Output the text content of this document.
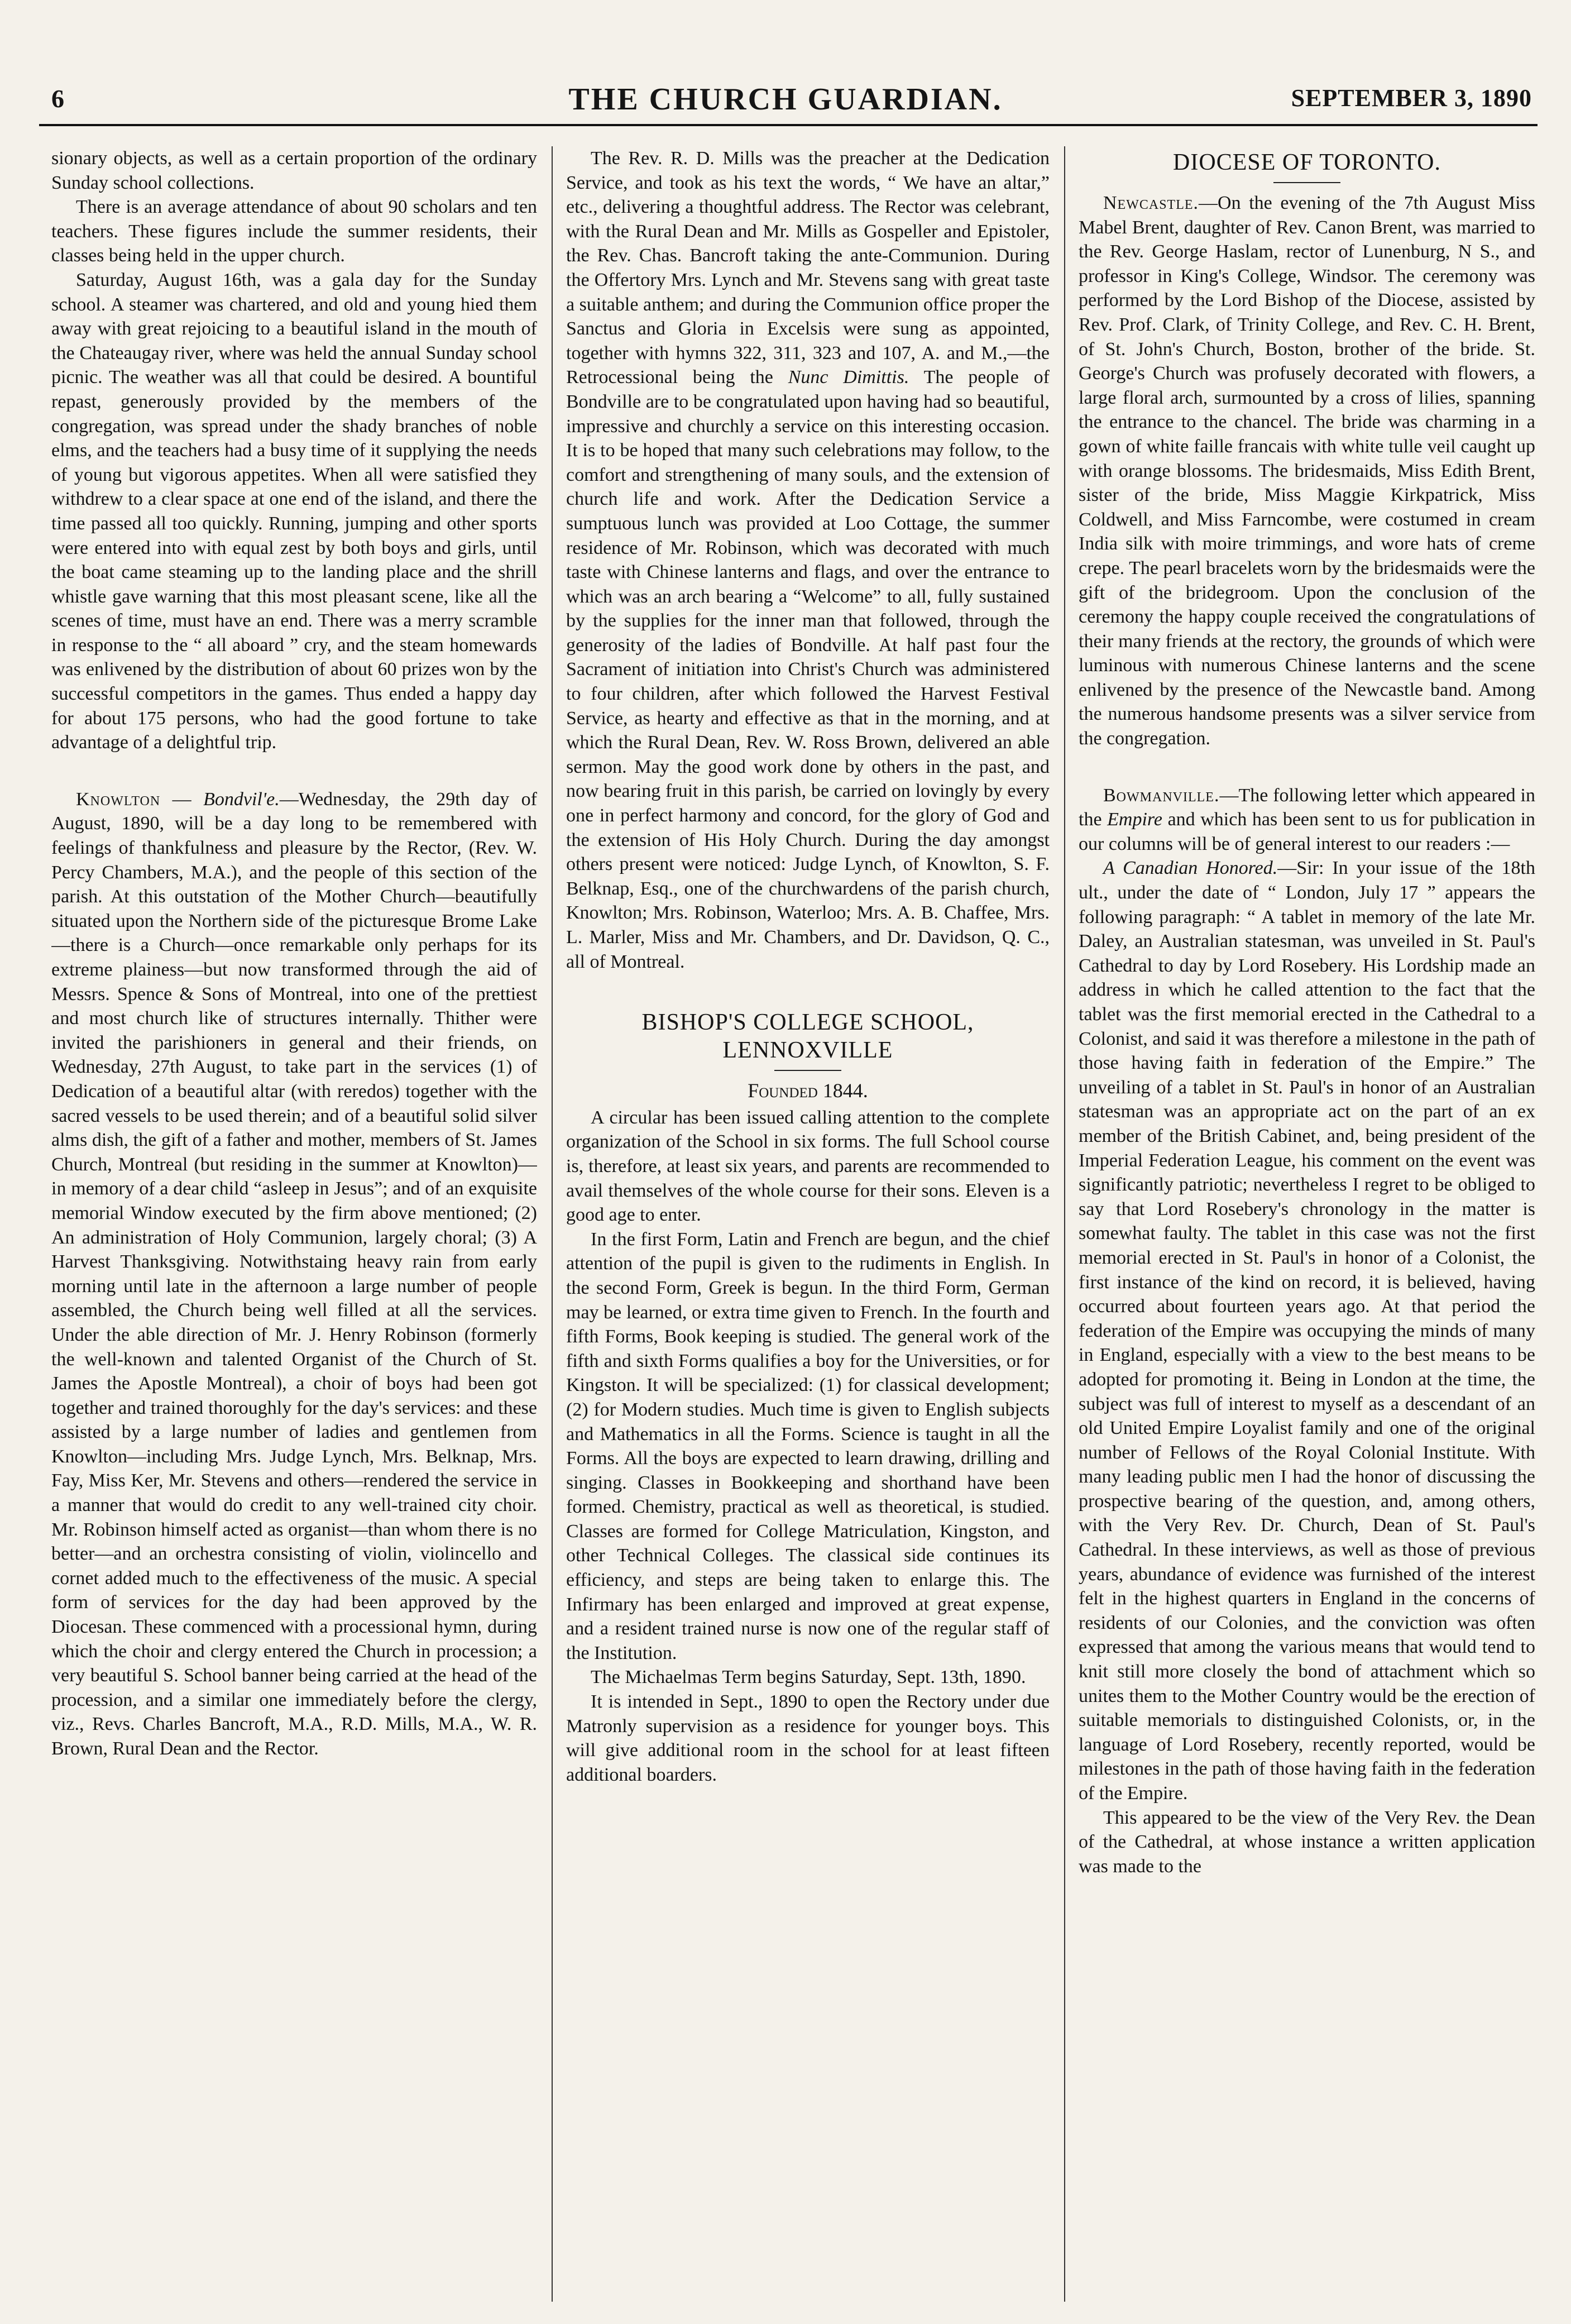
6	THE CHURCH GUARDIAN.	SEPTEMBER 3, 1890

sionary objects, as well as a certain proportion of the ordinary Sunday school collections.

There is an average attendance of about 90 scholars and ten teachers. These figures include the summer residents, their classes being held in the upper church.

Saturday, August 16th, was a gala day for the Sunday school. A steamer was chartered, and old and young hied them away with great rejoicing to a beautiful island in the mouth of the Chateaugay river, where was held the annual Sunday school picnic. The weather was all that could be desired. A bountiful repast, generously provided by the members of the congregation, was spread under the shady branches of noble elms, and the teachers had a busy time of it supplying the needs of young but vigorous appetites. When all were satisfied they withdrew to a clear space at one end of the island, and there the time passed all too quickly. Running, jumping and other sports were entered into with equal zest by both boys and girls, until the boat came steaming up to the landing place and the shrill whistle gave warning that this most pleasant scene, like all the scenes of time, must have an end. There was a merry scramble in response to the “ all aboard ” cry, and the steam homewards was enlivened by the distribution of about 60 prizes won by the successful competitors in the games. Thus ended a happy day for about 175 persons, who had the good fortune to take advantage of a delightful trip.

Knowlton — Bondvil'e.—Wednesday, the 29th day of August, 1890, will be a day long to be remembered with feelings of thankfulness and pleasure by the Rector, (Rev. W. Percy Chambers, M.A.), and the people of this section of the parish. At this outstation of the Mother Church—beautifully situated upon the Northern side of the picturesque Brome Lake—there is a Church—once remarkable only perhaps for its extreme plainess—but now transformed through the aid of Messrs. Spence & Sons of Montreal, into one of the prettiest and most church like of structures internally. Thither were invited the parishioners in general and their friends, on Wednesday, 27th August, to take part in the services (1) of Dedication of a beautiful altar (with reredos) together with the sacred vessels to be used therein; and of a beautiful solid silver alms dish, the gift of a father and mother, members of St. James Church, Montreal (but residing in the summer at Knowlton)—in memory of a dear child “asleep in Jesus”; and of an exquisite memorial Window executed by the firm above mentioned; (2) An administration of Holy Communion, largely choral; (3) A Harvest Thanksgiving. Notwithstaing heavy rain from early morning until late in the afternoon a large number of people assembled, the Church being well filled at all the services. Under the able direction of Mr. J. Henry Robinson (formerly the well-known and talented Organist of the Church of St. James the Apostle Montreal), a choir of boys had been got together and trained thoroughly for the day's services: and these assisted by a large number of ladies and gentlemen from Knowlton—including Mrs. Judge Lynch, Mrs. Belknap, Mrs. Fay, Miss Ker, Mr. Stevens and others—rendered the service in a manner that would do credit to any well-trained city choir. Mr. Robinson himself acted as organist—than whom there is no better—and an orchestra consisting of violin, violincello and cornet added much to the effectiveness of the music. A special form of services for the day had been approved by the Diocesan. These commenced with a processional hymn, during which the choir and clergy entered the Church in procession; a very beautiful S. School banner being carried at the head of the procession, and a similar one immediately before the clergy, viz., Revs. Charles Bancroft, M.A., R.D. Mills, M.A., W. R. Brown, Rural Dean and the Rector.

The Rev. R. D. Mills was the preacher at the Dedication Service, and took as his text the words, “ We have an altar,” etc., delivering a thoughtful address. The Rector was celebrant, with the Rural Dean and Mr. Mills as Gospeller and Epistoler, the Rev. Chas. Bancroft taking the ante-Communion. During the Offertory Mrs. Lynch and Mr. Stevens sang with great taste a suitable anthem; and during the Communion office proper the Sanctus and Gloria in Excelsis were sung as appointed, together with hymns 322, 311, 323 and 107, A. and M.,—the Retrocessional being the Nunc Dimittis. The people of Bondville are to be congratulated upon having had so beautiful, impressive and churchly a service on this interesting occasion. It is to be hoped that many such celebrations may follow, to the comfort and strengthening of many souls, and the extension of church life and work. After the Dedication Service a sumptuous lunch was provided at Loo Cottage, the summer residence of Mr. Robinson, which was decorated with much taste with Chinese lanterns and flags, and over the entrance to which was an arch bearing a “Welcome” to all, fully sustained by the supplies for the inner man that followed, through the generosity of the ladies of Bondville. At half past four the Sacrament of initiation into Christ's Church was administered to four children, after which followed the Harvest Festival Service, as hearty and effective as that in the morning, and at which the Rural Dean, Rev. W. Ross Brown, delivered an able sermon. May the good work done by others in the past, and now bearing fruit in this parish, be carried on lovingly by every one in perfect harmony and concord, for the glory of God and the extension of His Holy Church. During the day amongst others present were noticed: Judge Lynch, of Knowlton, S. F. Belknap, Esq., one of the churchwardens of the parish church, Knowlton; Mrs. Robinson, Waterloo; Mrs. A. B. Chaffee, Mrs. L. Marler, Miss and Mr. Chambers, and Dr. Davidson, Q. C., all of Montreal.

BISHOP'S COLLEGE SCHOOL, LENNOXVILLE
Founded 1844.

A circular has been issued calling attention to the complete organization of the School in six forms. The full School course is, therefore, at least six years, and parents are recommended to avail themselves of the whole course for their sons. Eleven is a good age to enter.

In the first Form, Latin and French are begun, and the chief attention of the pupil is given to the rudiments in English. In the second Form, Greek is begun. In the third Form, German may be learned, or extra time given to French. In the fourth and fifth Forms, Book keeping is studied. The general work of the fifth and sixth Forms qualifies a boy for the Universities, or for Kingston. It will be specialized: (1) for classical development; (2) for Modern studies. Much time is given to English subjects and Mathematics in all the Forms. Science is taught in all the Forms. All the boys are expected to learn drawing, drilling and singing. Classes in Bookkeeping and shorthand have been formed. Chemistry, practical as well as theoretical, is studied. Classes are formed for College Matriculation, Kingston, and other Technical Colleges. The classical side continues its efficiency, and steps are being taken to enlarge this. The Infirmary has been enlarged and improved at great expense, and a resident trained nurse is now one of the regular staff of the Institution.

The Michaelmas Term begins Saturday, Sept. 13th, 1890.

It is intended in Sept., 1890 to open the Rectory under due Matronly supervision as a residence for younger boys. This will give additional room in the school for at least fifteen additional boarders.

DIOCESE OF TORONTO.

Newcastle.—On the evening of the 7th August Miss Mabel Brent, daughter of Rev. Canon Brent, was married to the Rev. George Haslam, rector of Lunenburg, N S., and professor in King's College, Windsor. The ceremony was performed by the Lord Bishop of the Diocese, assisted by Rev. Prof. Clark, of Trinity College, and Rev. C. H. Brent, of St. John's Church, Boston, brother of the bride. St. George's Church was profusely decorated with flowers, a large floral arch, surmounted by a cross of lilies, spanning the entrance to the chancel. The bride was charming in a gown of white faille francais with white tulle veil caught up with orange blossoms. The bridesmaids, Miss Edith Brent, sister of the bride, Miss Maggie Kirkpatrick, Miss Coldwell, and Miss Farncombe, were costumed in cream India silk with moire trimmings, and wore hats of creme crepe. The pearl bracelets worn by the bridesmaids were the gift of the bridegroom. Upon the conclusion of the ceremony the happy couple received the congratulations of their many friends at the rectory, the grounds of which were luminous with numerous Chinese lanterns and the scene enlivened by the presence of the Newcastle band. Among the numerous handsome presents was a silver service from the congregation.

Bowmanville.—The following letter which appeared in the Empire and which has been sent to us for publication in our columns will be of general interest to our readers :—

A Canadian Honored.—Sir: In your issue of the 18th ult., under the date of “ London, July 17 ” appears the following paragraph: “ A tablet in memory of the late Mr. Daley, an Australian statesman, was unveiled in St. Paul's Cathedral to day by Lord Rosebery. His Lordship made an address in which he called attention to the fact that the tablet was the first memorial erected in the Cathedral to a Colonist, and said it was therefore a milestone in the path of those having faith in federation of the Empire.” The unveiling of a tablet in St. Paul's in honor of an Australian statesman was an appropriate act on the part of an ex member of the British Cabinet, and, being president of the Imperial Federation League, his comment on the event was significantly patriotic; nevertheless I regret to be obliged to say that Lord Rosebery's chronology in the matter is somewhat faulty. The tablet in this case was not the first memorial erected in St. Paul's in honor of a Colonist, the first instance of the kind on record, it is believed, having occurred about fourteen years ago. At that period the federation of the Empire was occupying the minds of many in England, especially with a view to the best means to be adopted for promoting it. Being in London at the time, the subject was full of interest to myself as a descendant of an old United Empire Loyalist family and one of the original number of Fellows of the Royal Colonial Institute. With many leading public men I had the honor of discussing the prospective bearing of the question, and, among others, with the Very Rev. Dr. Church, Dean of St. Paul's Cathedral. In these interviews, as well as those of previous years, abundance of evidence was furnished of the interest felt in the highest quarters in England in the concerns of residents of our Colonies, and the conviction was often expressed that among the various means that would tend to knit still more closely the bond of attachment which so unites them to the Mother Country would be the erection of suitable memorials to distinguished Colonists, or, in the language of Lord Rosebery, recently reported, would be milestones in the path of those having faith in the federation of the Empire.

This appeared to be the view of the Very Rev. the Dean of the Cathedral, at whose instance a written application was made to the
